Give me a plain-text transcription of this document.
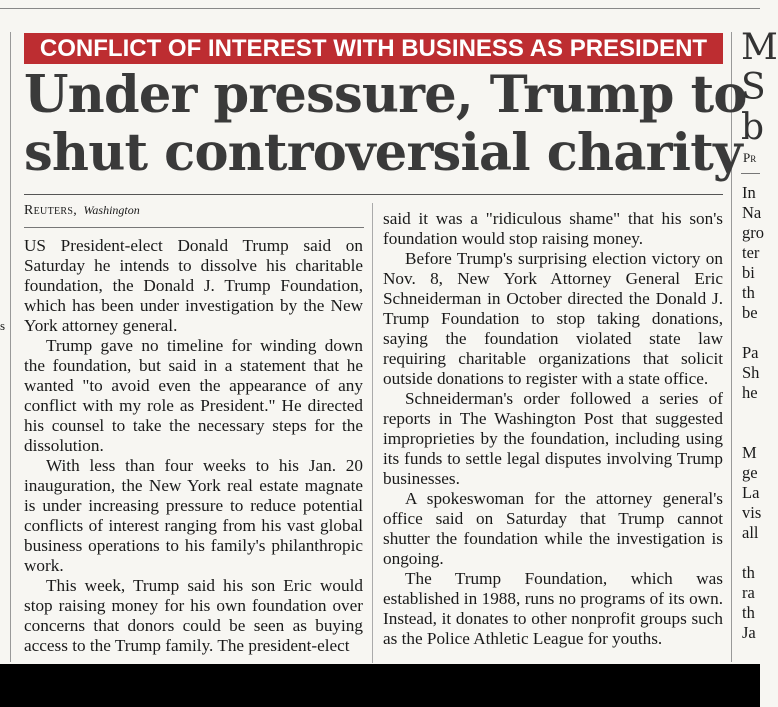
s
CONFLICT OF INTEREST WITH BUSINESS AS PRESIDENT
Under pressure, Trump to
shut controversial charity
Reuters, Washington

US President-elect Donald Trump said on Saturday he intends to dissolve his charitable foundation, the Donald J. Trump Foundation, which has been under investigation by the New York attorney general.

Trump gave no timeline for winding down the foundation, but said in a statement that he wanted "to avoid even the appearance of any conflict with my role as President." He directed his counsel to take the necessary steps for the dissolution.

With less than four weeks to his Jan. 20 inauguration, the New York real estate magnate is under increasing pressure to reduce potential conflicts of interest ranging from his vast global business operations to his family's philanthropic work.

This week, Trump said his son Eric would stop raising money for his own foundation over concerns that donors could be seen as buying access to the Trump family. The president-elect

said it was a "ridiculous shame" that his son's foundation would stop raising money.

Before Trump's surprising election victory on Nov. 8, New York Attorney General Eric Schneiderman in October directed the Donald J. Trump Foundation to stop taking donations, saying the foundation violated state law requiring charitable organizations that solicit outside donations to register with a state office.

Schneiderman's order followed a series of reports in The Washington Post that suggested improprieties by the foundation, including using its funds to settle legal disputes involving Trump businesses.

A spokeswoman for the attorney general's office said on Saturday that Trump cannot shutter the foundation while the investigation is ongoing.

The Trump Foundation, which was established in 1988, runs no programs of its own. Instead, it donates to other nonprofit groups such as the Police Athletic League for youths.

M
S
b
Pr
In
Na
gro
ter
bi
th
be
Pa
Sh
he
M
ge
La
vis
all
th
ra
th
Ja
